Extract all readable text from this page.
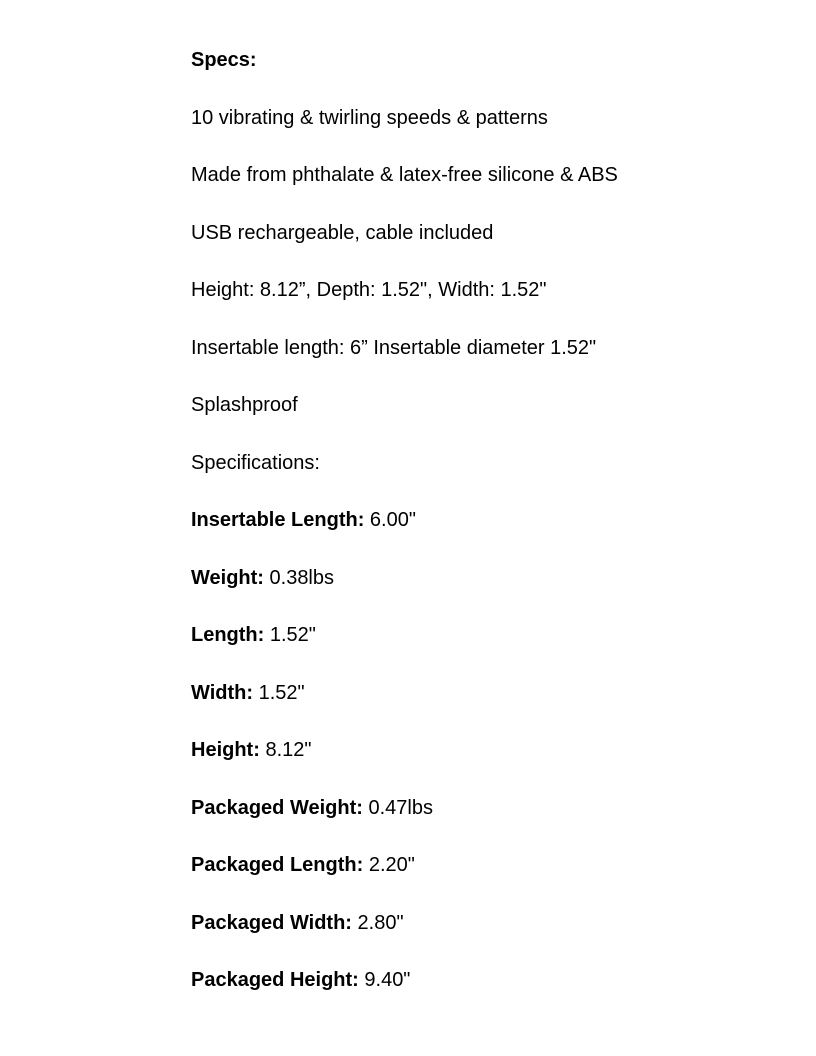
Specs:
10 vibrating & twirling speeds & patterns
Made from phthalate & latex-free silicone & ABS
USB rechargeable, cable included
Height: 8.12”, Depth: 1.52", Width: 1.52"
Insertable length: 6” Insertable diameter 1.52"
Splashproof
Specifications:
Insertable Length: 6.00"
Weight: 0.38lbs
Length: 1.52"
Width: 1.52"
Height: 8.12"
Packaged Weight: 0.47lbs
Packaged Length: 2.20"
Packaged Width: 2.80"
Packaged Height: 9.40"
